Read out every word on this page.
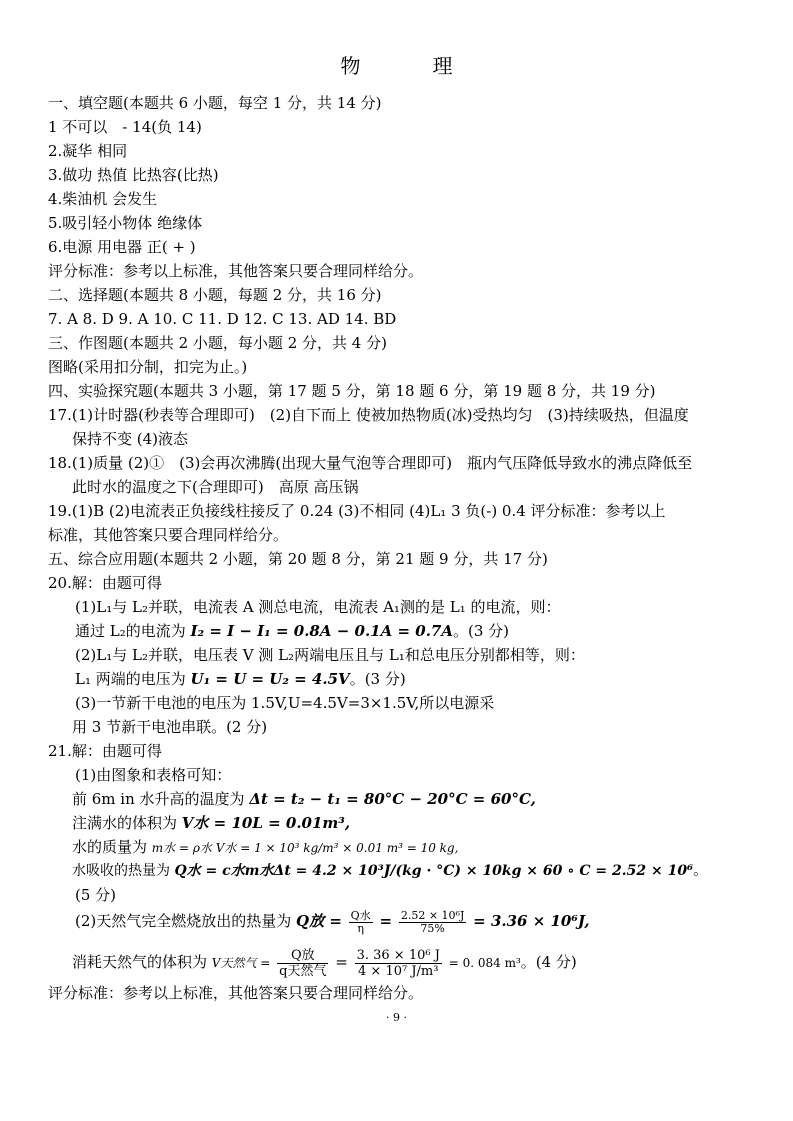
物　理
一、填空题(本题共 6 小题，每空 1 分，共 14 分)
1 不可以　- 14(负 14)
2.凝华 相同
3.做功 热值 比热容(比热)
4.柴油机 会发生
5.吸引轻小物体 绝缘体
6.电源 用电器 正( + )
评分标准：参考以上标准，其他答案只要合理同样给分。
二、选择题(本题共 8 小题，每题 2 分，共 16 分)
7. A 8. D 9. A 10. C 11. D 12. C 13. AD 14. BD
三、作图题(本题共 2 小题，每小题 2 分，共 4 分)
图略(采用扣分制，扣完为止。)
四、实验探究题(本题共 3 小题，第 17 题 5 分，第 18 题 6 分，第 19 题 8 分，共 19 分)
17.(1)计时器(秒表等合理即可)　(2)自下而上 使被加热物质(冰)受热均匀　(3)持续吸热，但温度
保持不变 (4)液态
18.(1)质量 (2)①　(3)会再次沸腾(出现大量气泡等合理即可)　瓶内气压降低导致水的沸点降低至
此时水的温度之下(合理即可)　高原 高压锅
19.(1)B (2)电流表正负接线柱接反了 0.24 (3)不相同 (4)L₁ 3 负(-) 0.4 评分标准：参考以上
标准，其他答案只要合理同样给分。
五、综合应用题(本题共 2 小题，第 20 题 8 分，第 21 题 9 分，共 17 分)
20.解：由题可得
(1)L₁与 L₂并联，电流表 A 测总电流，电流表 A₁测的是 L₁ 的电流，则：
通过 L₂的电流为 I₂ = I − I₁ = 0.8A − 0.1A = 0.7A。(3 分)
(2)L₁与 L₂并联，电压表 V 测 L₂两端电压且与 L₁和总电压分别都相等，则：
L₁ 两端的电压为 U₁ = U = U₂ = 4.5V。(3 分)
(3)一节新干电池的电压为 1.5V,U=4.5V=3×1.5V,所以电源采
用 3 节新干电池串联。(2 分)
21.解：由题可得
(1)由图象和表格可知：
前 6m in 水升高的温度为 Δt = t₂ − t₁ = 80°C − 20°C = 60°C,
注满水的体积为 V水 = 10L = 0.01m³,
水的质量为 m水 = ρ水 V水 = 1 × 10³ kg/m³ × 0.01 m³ = 10 kg,
水吸收的热量为 Q水 = c水m水Δt = 4.2 × 10³J/(kg · °C) × 10kg × 60 ∘ C = 2.52 × 10⁶。
(5 分)
(2)天然气完全燃烧放出的热量为 Q放 = $\frac{\text{Q水}}{\eta} = \frac{\text{2.52 × 10⁶J}}{75\%} = 3.36 \times 10^6J$,
消耗天然气的体积为 V天然气 = $\frac{\text{Q放}}{\text{q天然气}} = \frac{\text{3. 36 × 10⁶ J}}{\text{4 × 10⁷ J/m³}} = 0$. 084 m³。(4 分)
评分标准：参考以上标准，其他答案只要合理同样给分。
· 9 ·
